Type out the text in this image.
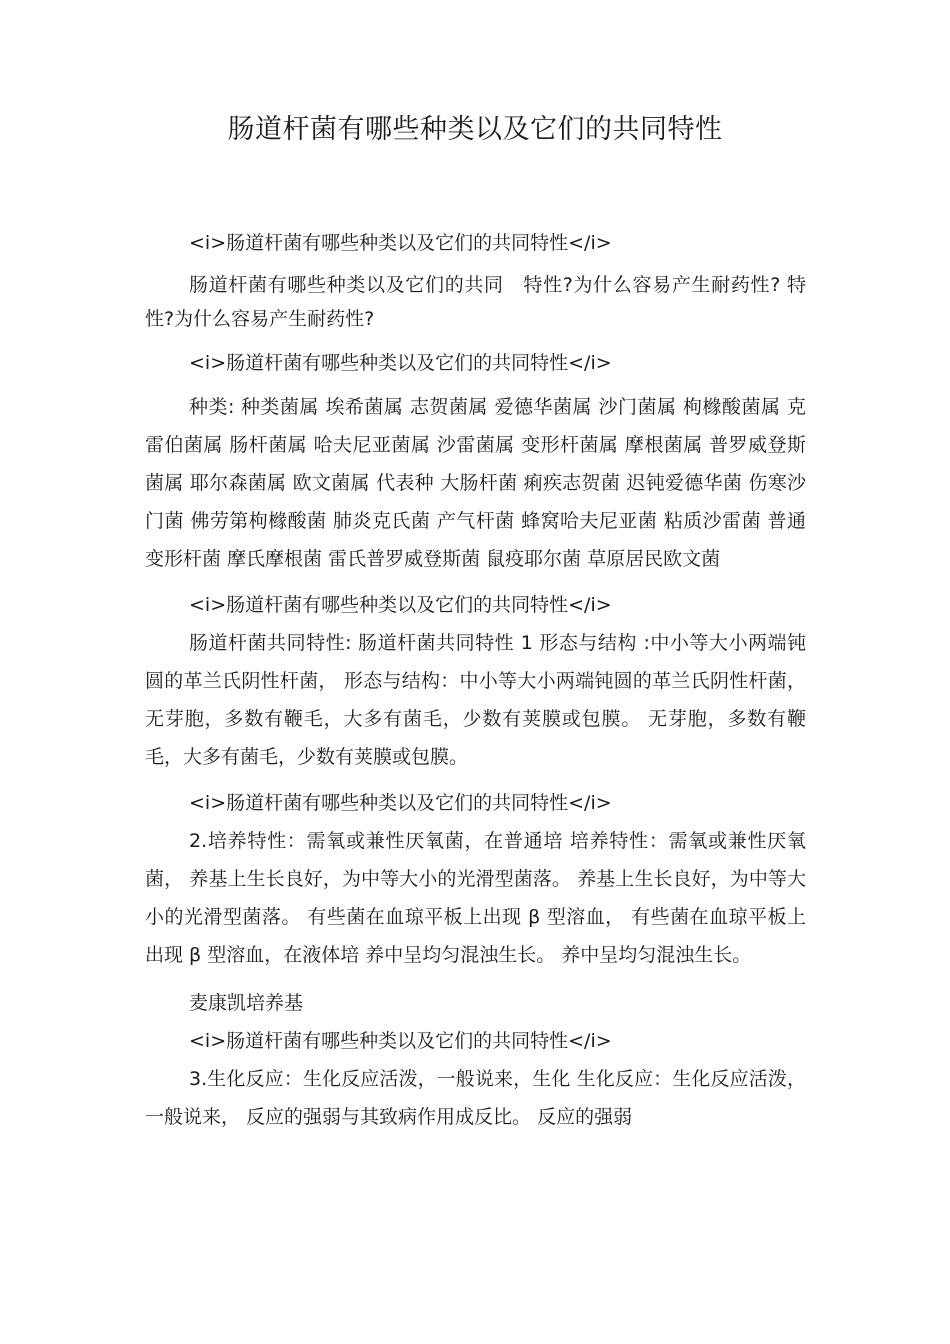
肠道杆菌有哪些种类以及它们的共同特性

<i>肠道杆菌有哪些种类以及它们的共同特性</i>

肠道杆菌有哪些种类以及它们的共同　特性?为什么容易产生耐药性? 特性?为什么容易产生耐药性?

<i>肠道杆菌有哪些种类以及它们的共同特性</i>

种类: 种类菌属 埃希菌属 志贺菌属 爱德华菌属 沙门菌属 枸橼酸菌属 克雷伯菌属 肠杆菌属 哈夫尼亚菌属 沙雷菌属 变形杆菌属 摩根菌属 普罗威登斯菌属 耶尔森菌属 欧文菌属 代表种 大肠杆菌 痢疾志贺菌 迟钝爱德华菌 伤寒沙门菌 佛劳第枸橼酸菌 肺炎克氏菌 产气杆菌 蜂窝哈夫尼亚菌 粘质沙雷菌 普通变形杆菌 摩氏摩根菌 雷氏普罗威登斯菌 鼠疫耶尔菌 草原居民欧文菌

<i>肠道杆菌有哪些种类以及它们的共同特性</i>

肠道杆菌共同特性: 肠道杆菌共同特性 1 形态与结构 :中小等大小两端钝圆的革兰氏阴性杆菌， 形态与结构：中小等大小两端钝圆的革兰氏阴性杆菌， 无芽胞，多数有鞭毛，大多有菌毛，少数有荚膜或包膜。 无芽胞，多数有鞭毛，大多有菌毛，少数有荚膜或包膜。

<i>肠道杆菌有哪些种类以及它们的共同特性</i>

2.培养特性：需氧或兼性厌氧菌，在普通培 培养特性：需氧或兼性厌氧菌， 养基上生长良好，为中等大小的光滑型菌落。 养基上生长良好，为中等大小的光滑型菌落。 有些菌在血琼平板上出现 β 型溶血， 有些菌在血琼平板上出现 β 型溶血，在液体培 养中呈均匀混浊生长。 养中呈均匀混浊生长。

麦康凯培养基

<i>肠道杆菌有哪些种类以及它们的共同特性</i>

3.生化反应：生化反应活泼，一般说来，生化 生化反应：生化反应活泼，一般说来， 反应的强弱与其致病作用成反比。 反应的强弱
